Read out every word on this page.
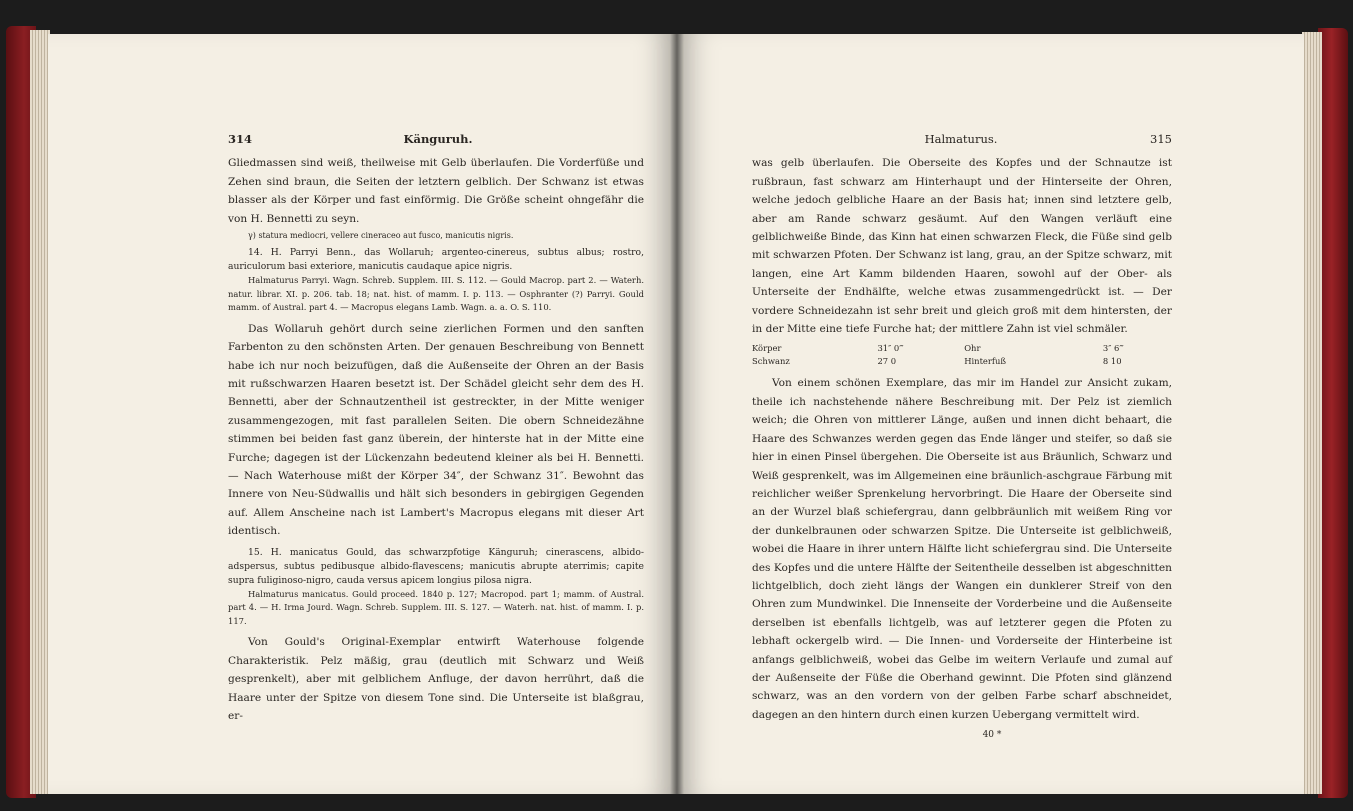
314	Känguruh.

Gliedmassen sind weiß, theilweise mit Gelb überlaufen. Die Vorderfüße und Zehen sind braun, die Seiten der letztern gelblich. Der Schwanz ist etwas blasser als der Körper und fast einförmig. Die Größe scheint ohngefähr die von H. Bennetti zu seyn.

γ) statura mediocri, vellere cineraceo aut fusco, manicutis nigris.

14. H. Parryi Benn., das Wollaruh; argenteo-cinereus, subtus albus; rostro, auriculorum basi exteriore, manicutis caudaque apice nigris.

Halmaturus Parryi. Wagn. Schreb. Supplem. III. S. 112. — Gould Macrop. part 2. — Waterh. natur. librar. XI. p. 206. tab. 18; nat. hist. of mamm. I. p. 113. — Osphranter (?) Parryi. Gould mamm. of Austral. part 4. — Macropus elegans Lamb. Wagn. a. a. O. S. 110.

Das Wollaruh gehört durch seine zierlichen Formen und den sanften Farbenton zu den schönsten Arten. Der genauen Beschreibung von Bennett habe ich nur noch beizufügen, daß die Außenseite der Ohren an der Basis mit rußschwarzen Haaren besetzt ist. Der Schädel gleicht sehr dem des H. Bennetti, aber der Schnautzentheil ist gestreckter, in der Mitte weniger zusammengezogen, mit fast parallelen Seiten. Die obern Schneidezähne stimmen bei beiden fast ganz überein, der hinterste hat in der Mitte eine Furche; dagegen ist der Lückenzahn bedeutend kleiner als bei H. Bennetti. — Nach Waterhouse mißt der Körper 34″, der Schwanz 31″. Bewohnt das Innere von Neu-Südwallis und hält sich besonders in gebirgigen Gegenden auf. Allem Anscheine nach ist Lambert's Macropus elegans mit dieser Art identisch.

15. H. manicatus Gould, das schwarzpfotige Känguruh; cinerascens, albido-adspersus, subtus pedibusque albido-flavescens; manicutis abrupte aterrimis; capite supra fuliginoso-nigro, cauda versus apicem longius pilosa nigra.

Halmaturus manicatus. Gould proceed. 1840 p. 127; Macropod. part 1; mamm. of Austral. part 4. — H. Irma Jourd. Wagn. Schreb. Supplem. III. S. 127. — Waterh. nat. hist. of mamm. I. p. 117.

Von Gould's Original-Exemplar entwirft Waterhouse folgende Charakteristik. Pelz mäßig, grau (deutlich mit Schwarz und Weiß gesprenkelt), aber mit gelblichem Anfluge, der davon herrührt, daß die Haare unter der Spitze von diesem Tone sind. Die Unterseite ist blaßgrau, er-

Halmaturus.	315

was gelb überlaufen. Die Oberseite des Kopfes und der Schnautze ist rußbraun, fast schwarz am Hinterhaupt und der Hinterseite der Ohren, welche jedoch gelbliche Haare an der Basis hat; innen sind letztere gelb, aber am Rande schwarz gesäumt. Auf den Wangen verläuft eine gelblichweiße Binde, das Kinn hat einen schwarzen Fleck, die Füße sind gelb mit schwarzen Pfoten. Der Schwanz ist lang, grau, an der Spitze schwarz, mit langen, eine Art Kamm bildenden Haaren, sowohl auf der Ober- als Unterseite der Endhälfte, welche etwas zusammengedrückt ist. — Der vordere Schneidezahn ist sehr breit und gleich groß mit dem hintersten, der in der Mitte eine tiefe Furche hat; der mittlere Zahn ist viel schmäler.

Körper	31″ 0‴	Ohr	3″ 6‴
Schwanz	27 0	Hinterfuß	8 10

Von einem schönen Exemplare, das mir im Handel zur Ansicht zukam, theile ich nachstehende nähere Beschreibung mit. Der Pelz ist ziemlich weich; die Ohren von mittlerer Länge, außen und innen dicht behaart, die Haare des Schwanzes werden gegen das Ende länger und steifer, so daß sie hier in einen Pinsel übergehen. Die Oberseite ist aus Bräunlich, Schwarz und Weiß gesprenkelt, was im Allgemeinen eine bräunlich-aschgraue Färbung mit reichlicher weißer Sprenkelung hervorbringt. Die Haare der Oberseite sind an der Wurzel blaß schiefergrau, dann gelbbräunlich mit weißem Ring vor der dunkelbraunen oder schwarzen Spitze. Die Unterseite ist gelblichweiß, wobei die Haare in ihrer untern Hälfte licht schiefergrau sind. Die Unterseite des Kopfes und die untere Hälfte der Seitentheile desselben ist abgeschnitten lichtgelblich, doch zieht längs der Wangen ein dunklerer Streif von den Ohren zum Mundwinkel. Die Innenseite der Vorderbeine und die Außenseite derselben ist ebenfalls lichtgelb, was auf letzterer gegen die Pfoten zu lebhaft ockergelb wird. — Die Innen- und Vorderseite der Hinterbeine ist anfangs gelblichweiß, wobei das Gelbe im weitern Verlaufe und zumal auf der Außenseite der Füße die Oberhand gewinnt. Die Pfoten sind glänzend schwarz, was an den vordern von der gelben Farbe scharf abschneidet, dagegen an den hintern durch einen kurzen Uebergang vermittelt wird.

40 *
